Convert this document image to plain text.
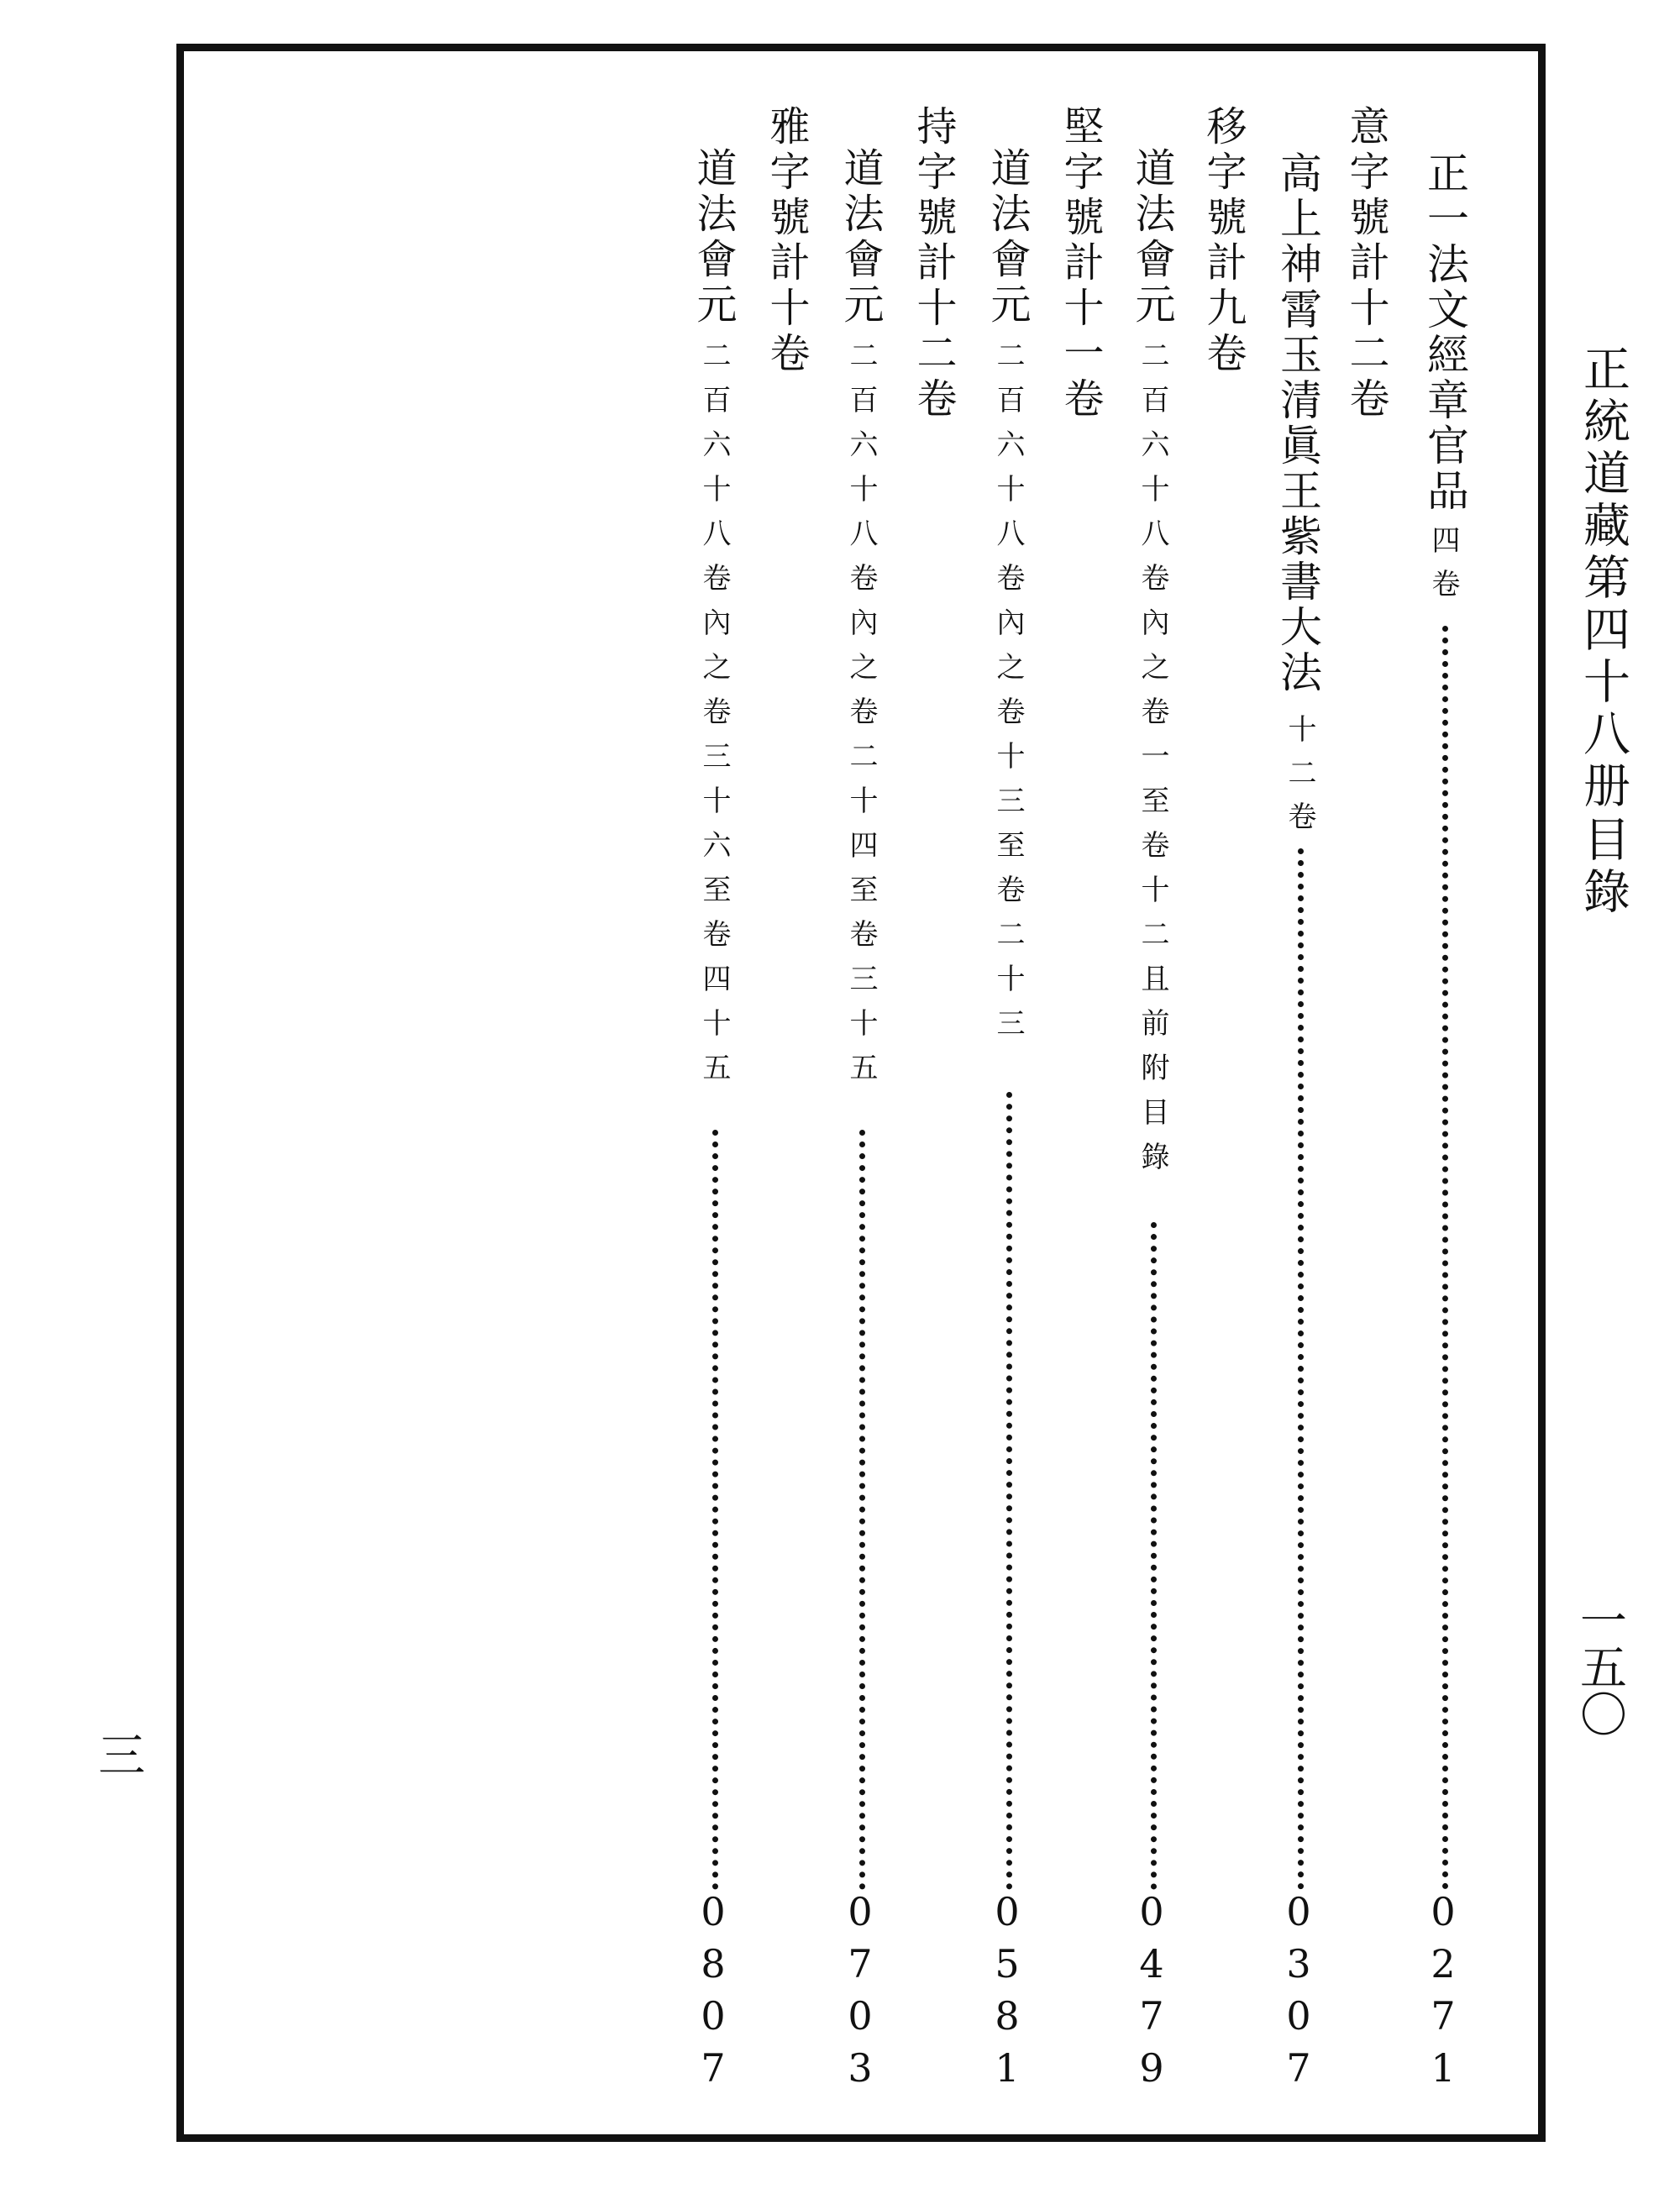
正統道藏第四十八册
目錄
一五〇
三
正一法文經章官品
四卷
0
2
7
1
意字號計十二卷
高上神霄玉清眞王紫書大法
十二卷
0
3
0
7
移字號計九卷
道法會元
二百六十八卷內之卷一至卷十二且前附目錄
0
4
7
9
堅字號計十一卷
道法會元
二百六十八卷內之卷十三至卷二十三
0
5
8
1
持字號計十二卷
道法會元
二百六十八卷內之卷二十四至卷三十五
0
7
0
3
雅字號計十卷
道法會元
二百六十八卷內之卷三十六至卷四十五
0
8
0
7
